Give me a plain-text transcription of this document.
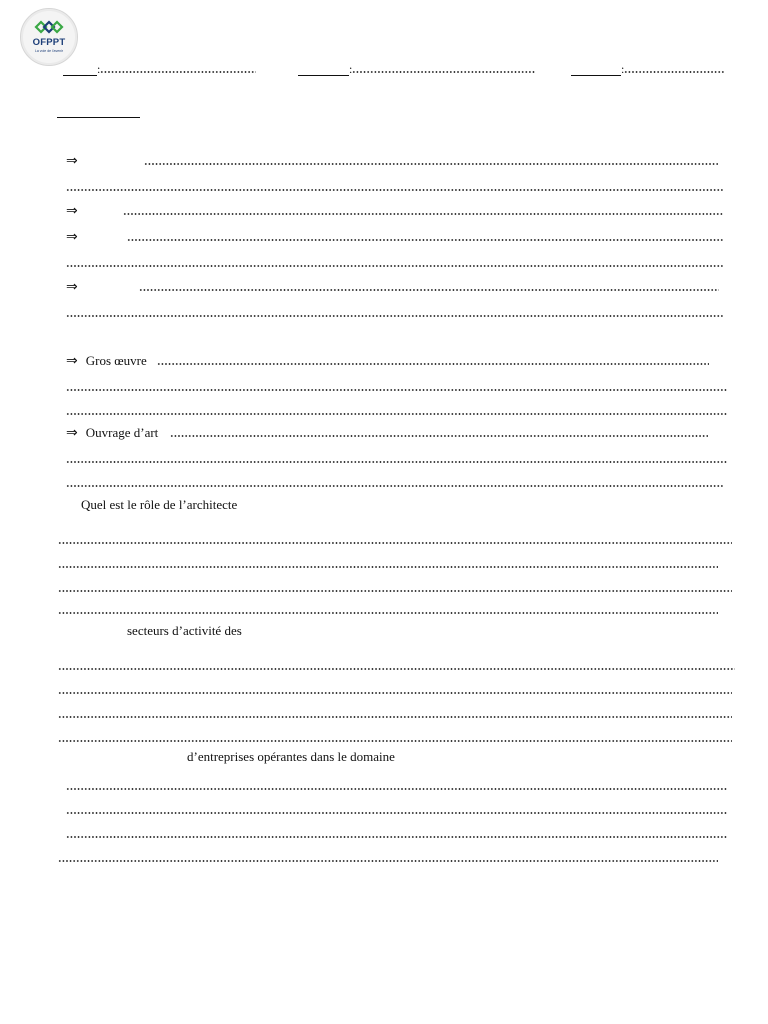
OFPPT
La voie de l'avenir
:	:	:
⇒
⇒
⇒
⇒
⇒ Gros œuvre
⇒ Ouvrage d’art
Quel est le rôle de l’architecte
secteurs d’activité des
d’entreprises opérantes dans le domaine
